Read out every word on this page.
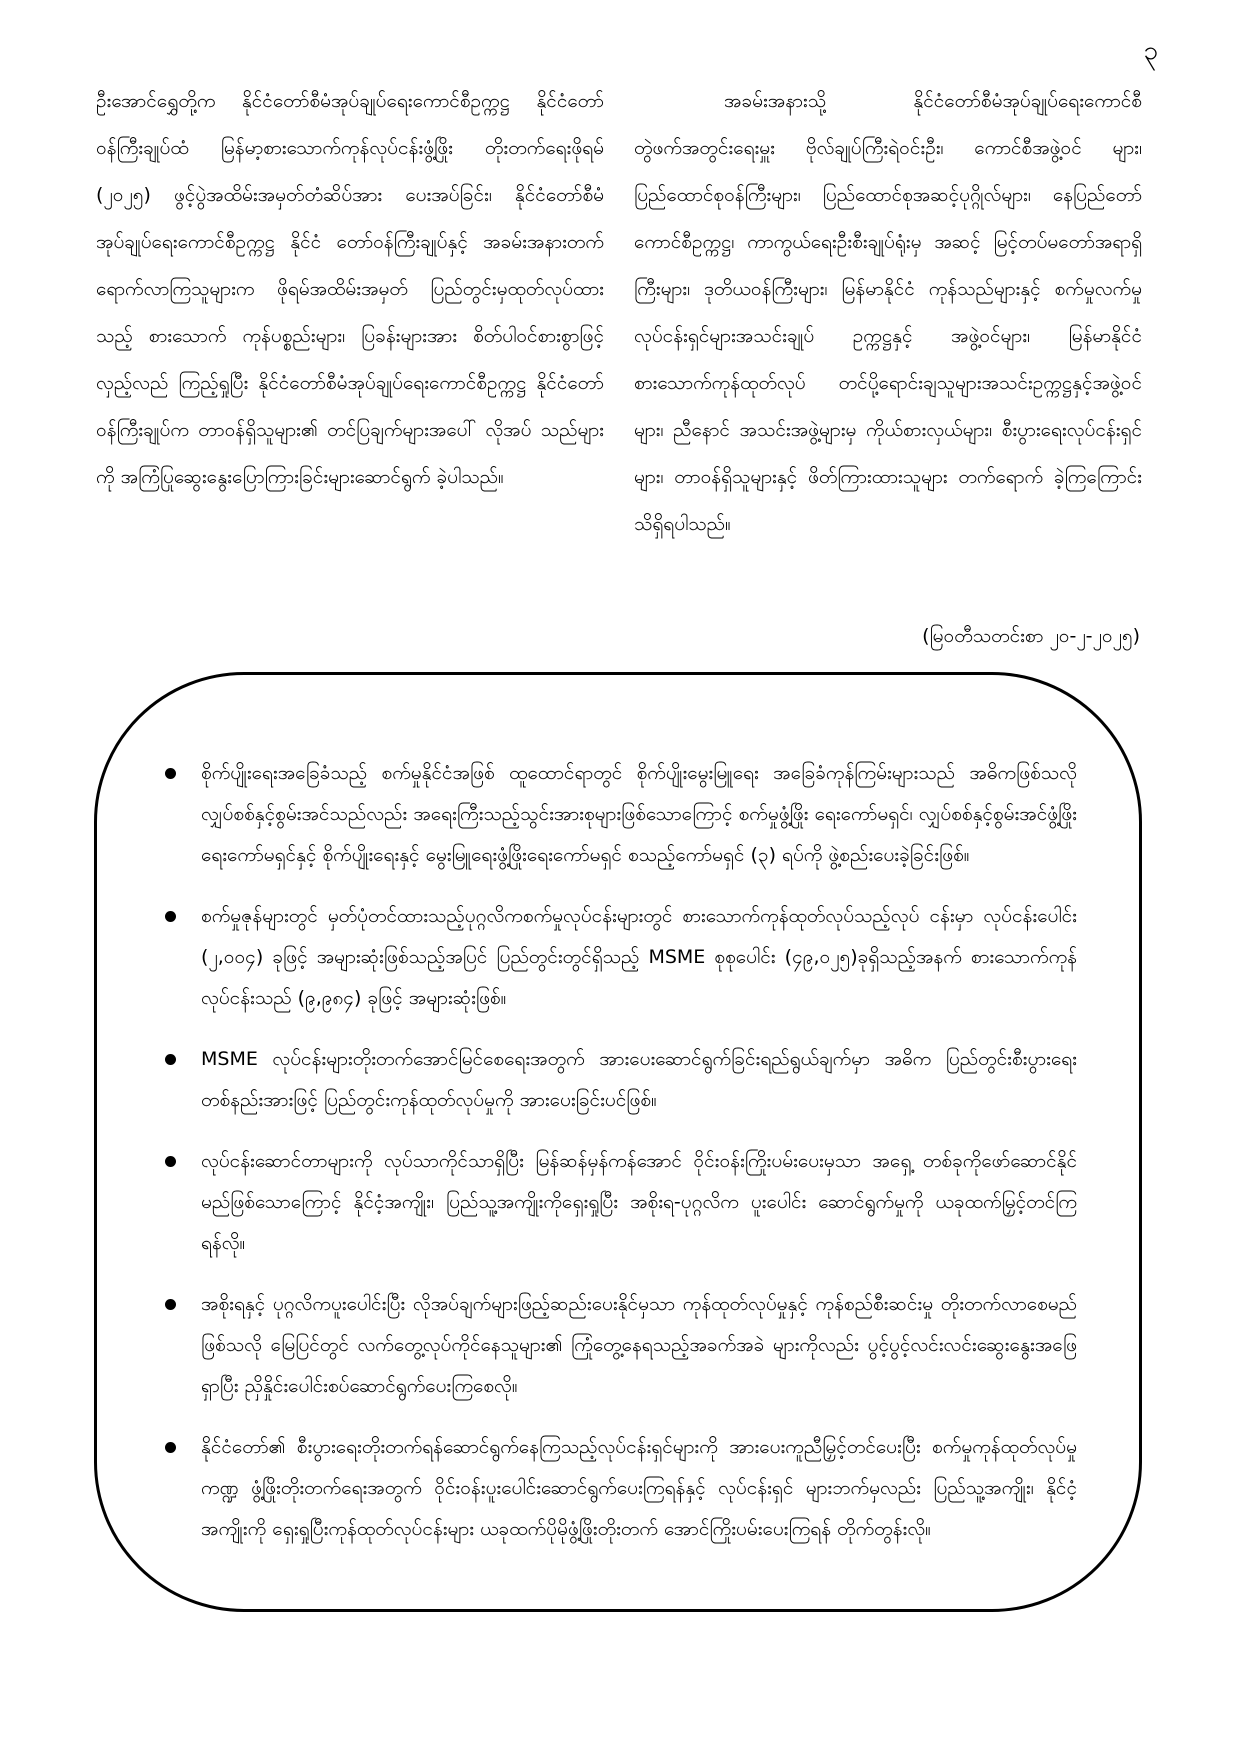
၃

ဦးအောင်ရွှေတို့က နိုင်ငံတော်စီမံအုပ်ချုပ်ရေးကောင်စီဥက္ကဋ္ဌ နိုင်ငံတော်ဝန်ကြီးချုပ်ထံ မြန်မာ့စားသောက်ကုန်လုပ်ငန်းဖွံ့ဖြိုး တိုးတက်ရေးဖိုရမ် (၂၀၂၅) ဖွင့်ပွဲအထိမ်းအမှတ်တံဆိပ်အား ပေးအပ်ခြင်း၊ နိုင်ငံတော်စီမံအုပ်ချုပ်ရေးကောင်စီဥက္ကဋ္ဌ နိုင်ငံ တော်ဝန်ကြီးချုပ်နှင့် အခမ်းအနားတက်ရောက်လာကြသူများက ဖိုရမ်အထိမ်းအမှတ် ပြည်တွင်းမှထုတ်လုပ်ထားသည့် စားသောက် ကုန်ပစ္စည်းများ၊ ပြခန်းများအား စိတ်ပါဝင်စားစွာဖြင့် လှည့်လည် ကြည့်ရှုပြီး နိုင်ငံတော်စီမံအုပ်ချုပ်ရေးကောင်စီဥက္ကဋ္ဌ နိုင်ငံတော် ဝန်ကြီးချုပ်က တာဝန်ရှိသူများ၏ တင်ပြချက်များအပေါ် လိုအပ် သည်များကို အကြံပြုဆွေးနွေးပြောကြားခြင်းများဆောင်ရွက် ခဲ့ပါသည်။

အခမ်းအနားသို့ နိုင်ငံတော်စီမံအုပ်ချုပ်ရေးကောင်စီ တွဲဖက်အတွင်းရေးမှူး ဗိုလ်ချုပ်ကြီးရဲဝင်းဦး၊ ကောင်စီအဖွဲ့ဝင် များ၊ ပြည်ထောင်စုဝန်ကြီးများ၊ ပြည်ထောင်စုအဆင့်ပုဂ္ဂိုလ်များ၊ နေပြည်တော်ကောင်စီဥက္ကဋ္ဌ၊ ကာကွယ်ရေးဦးစီးချုပ်ရုံးမှ အဆင့် မြင့်တပ်မတော်အရာရှိကြီးများ၊ ဒုတိယဝန်ကြီးများ၊ မြန်မာနိုင်ငံ ကုန်သည်များနှင့် စက်မှုလက်မှုလုပ်ငန်းရှင်များအသင်းချုပ် ဥက္ကဋ္ဌနှင့် အဖွဲ့ဝင်များ၊ မြန်မာနိုင်ငံစားသောက်ကုန်ထုတ်လုပ် တင်ပို့ရောင်းချသူများအသင်းဥက္ကဋ္ဌနှင့်အဖွဲ့ဝင်များ၊ ညီနောင် အသင်းအဖွဲ့များမှ ကိုယ်စားလှယ်များ၊ စီးပွားရေးလုပ်ငန်းရှင် များ၊ တာဝန်ရှိသူများနှင့် ဖိတ်ကြားထားသူများ တက်ရောက် ခဲ့ကြကြောင်း သိရှိရပါသည်။

(မြဝတီသတင်းစာ ၂၀-၂-၂၀၂၅)
စိုက်ပျိုးရေးအခြေခံသည့် စက်မှုနိုင်ငံအဖြစ် ထူထောင်ရာတွင် စိုက်ပျိုးမွေးမြူရေး အခြေခံကုန်ကြမ်းများသည် အဓိကဖြစ်သလို လျှပ်စစ်နှင့်စွမ်းအင်သည်လည်း အရေးကြီးသည့်သွင်းအားစုများဖြစ်သောကြောင့် စက်မှုဖွံ့ဖြိုး ရေးကော်မရှင်၊ လျှပ်စစ်နှင့်စွမ်းအင်ဖွံ့ဖြိုးရေးကော်မရှင်နှင့် စိုက်ပျိုးရေးနှင့် မွေးမြူရေးဖွံ့ဖြိုးရေးကော်မရှင် စသည့်ကော်မရှင် (၃) ရပ်ကို ဖွဲ့စည်းပေးခဲ့ခြင်းဖြစ်။
စက်မှုဇုန်များတွင် မှတ်ပုံတင်ထားသည့်ပုဂ္ဂလိကစက်မှုလုပ်ငန်းများတွင် စားသောက်ကုန်ထုတ်လုပ်သည့်လုပ် ငန်းမှာ လုပ်ငန်းပေါင်း (၂,၀၀၄) ခုဖြင့် အများဆုံးဖြစ်သည့်အပြင် ပြည်တွင်းတွင်ရှိသည့် MSME စုစုပေါင်း (၄၉,၀၂၅)ခုရှိသည့်အနက် စားသောက်ကုန်လုပ်ငန်းသည် (၉,၉၈၄) ခုဖြင့် အများဆုံးဖြစ်။
MSME လုပ်ငန်းများတိုးတက်အောင်မြင်စေရေးအတွက် အားပေးဆောင်ရွက်ခြင်းရည်ရွယ်ချက်မှာ အဓိက ပြည်တွင်းစီးပွားရေး တစ်နည်းအားဖြင့် ပြည်တွင်းကုန်ထုတ်လုပ်မှုကို အားပေးခြင်းပင်ဖြစ်။
လုပ်ငန်းဆောင်တာများကို လုပ်သာကိုင်သာရှိပြီး မြန်ဆန်မှန်ကန်အောင် ဝိုင်းဝန်းကြိုးပမ်းပေးမှသာ အရှေ့ တစ်ခုကိုဖော်ဆောင်နိုင်မည်ဖြစ်သောကြောင့် နိုင်ငံ့အကျိုး၊ ပြည်သူ့အကျိုးကိုရှေးရှုပြီး အစိုးရ-ပုဂ္ဂလိက ပူးပေါင်း ဆောင်ရွက်မှုကို ယခုထက်မြှင့်တင်ကြရန်လို။
အစိုးရနှင့် ပုဂ္ဂလိကပူးပေါင်းပြီး လိုအပ်ချက်များဖြည့်ဆည်းပေးနိုင်မှသာ ကုန်ထုတ်လုပ်မှုနှင့် ကုန်စည်စီးဆင်းမှု တိုးတက်လာစေမည်ဖြစ်သလို မြေပြင်တွင် လက်တွေ့လုပ်ကိုင်နေသူများ၏ ကြုံတွေ့နေရသည့်အခက်အခဲ များကိုလည်း ပွင့်ပွင့်လင်းလင်းဆွေးနွေးအဖြေရှာပြီး ညှိနှိုင်းပေါင်းစပ်ဆောင်ရွက်ပေးကြစေလို။
နိုင်ငံတော်၏ စီးပွားရေးတိုးတက်ရန်ဆောင်ရွက်နေကြသည့်လုပ်ငန်းရှင်များကို အားပေးကူညီမြှင့်တင်ပေးပြီး စက်မှုကုန်ထုတ်လုပ်မှုကဏ္ဍ ဖွံ့ဖြိုးတိုးတက်ရေးအတွက် ဝိုင်းဝန်းပူးပေါင်းဆောင်ရွက်ပေးကြရန်နှင့် လုပ်ငန်းရှင် များဘက်မှလည်း ပြည်သူ့အကျိုး၊ နိုင်ငံ့အကျိုးကို ရှေးရှုပြီးကုန်ထုတ်လုပ်ငန်းများ ယခုထက်ပိုမိုဖွံ့ဖြိုးတိုးတက် အောင်ကြိုးပမ်းပေးကြရန် တိုက်တွန်းလို။
